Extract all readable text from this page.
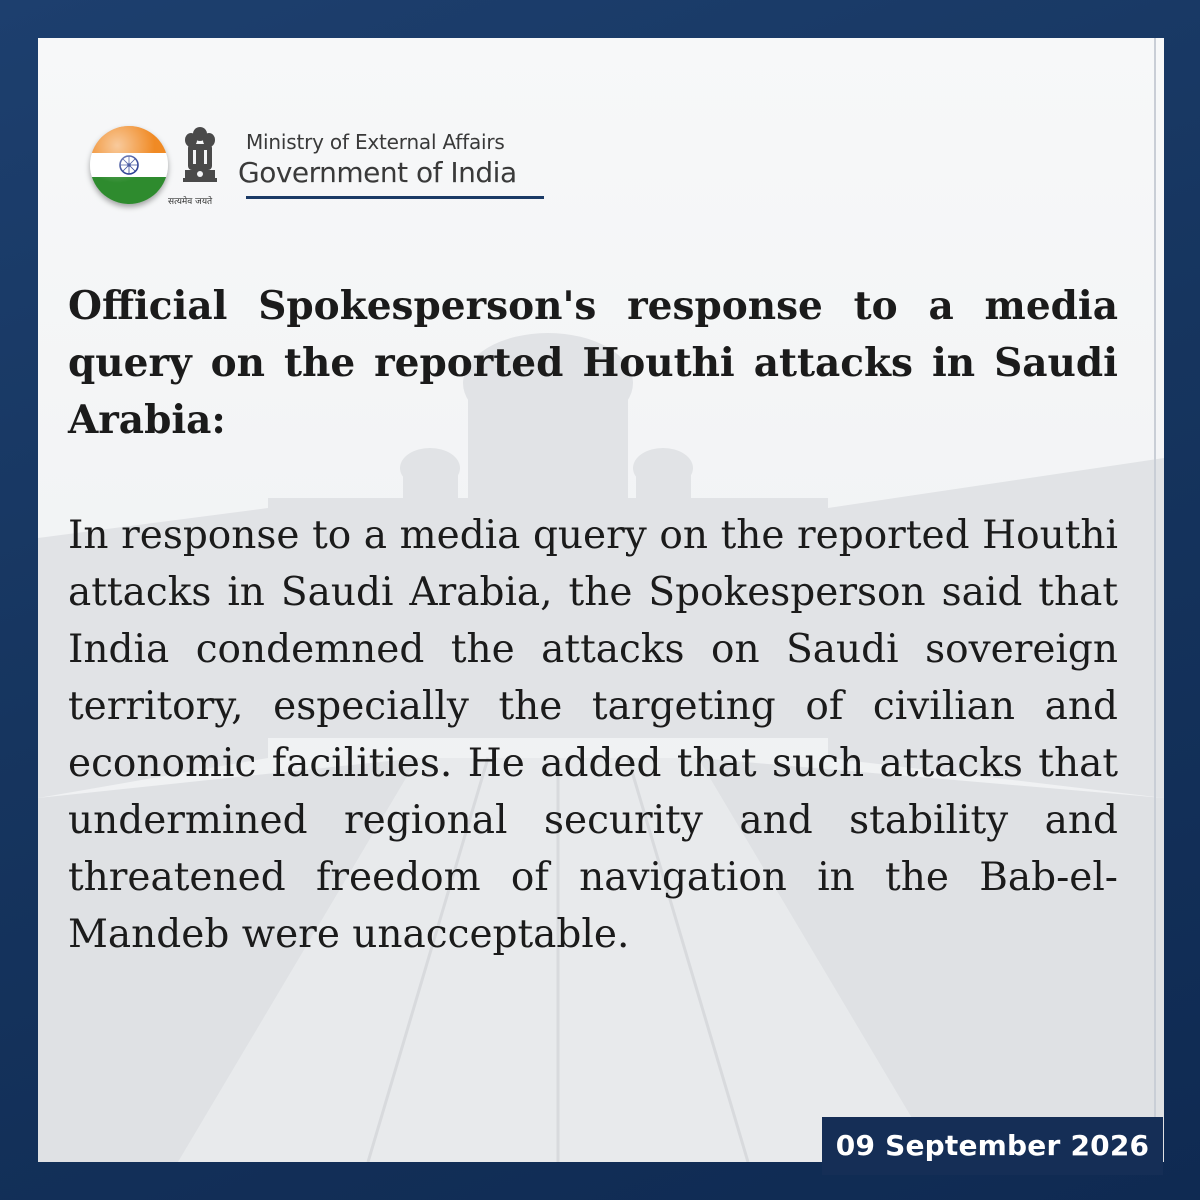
सत्यमेव जयते
Ministry of External Affairs
Government of India

Official Spokesperson's response to a media query on the reported Houthi attacks in Saudi Arabia:

In response to a media query on the reported Houthi attacks in Saudi Arabia, the Spokesperson said that India condemned the attacks on Saudi sovereign territory, especially the targeting of civilian and economic facilities. He added that such attacks that undermined regional security and stability and threatened freedom of navigation in the Bab-el-Mandeb were unacceptable.

09 September 2026
